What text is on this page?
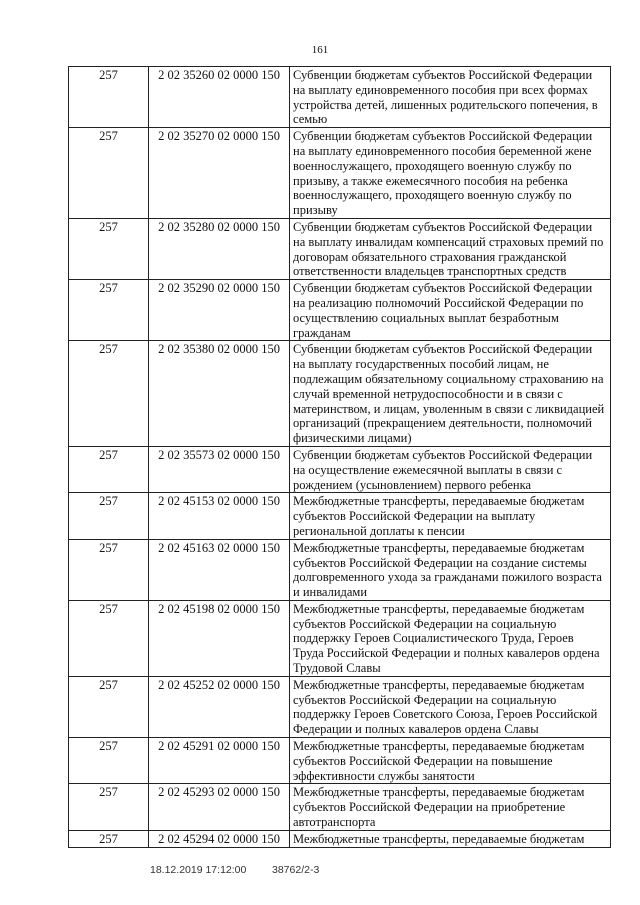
161
257	2 02 35260 02 0000 150	Субвенции бюджетам субъектов Российской Федерации на выплату единовременного пособия при всех формах устройства детей, лишенных родительского попечения, в семью
257	2 02 35270 02 0000 150	Субвенции бюджетам субъектов Российской Федерации на выплату единовременного пособия беременной жене военнослужащего, проходящего военную службу по призыву, а также ежемесячного пособия на ребенка военнослужащего, проходящего военную службу по призыву
257	2 02 35280 02 0000 150	Субвенции бюджетам субъектов Российской Федерации на выплату инвалидам компенсаций страховых премий по договорам обязательного страхования гражданской ответственности владельцев транспортных средств
257	2 02 35290 02 0000 150	Субвенции бюджетам субъектов Российской Федерации на реализацию полномочий Российской Федерации по осуществлению социальных выплат безработным гражданам
257	2 02 35380 02 0000 150	Субвенции бюджетам субъектов Российской Федерации на выплату государственных пособий лицам, не подлежащим обязательному социальному страхованию на случай временной нетрудоспособности и в связи с материнством, и лицам, уволенным в связи с ликвидацией организаций (прекращением деятельности, полномочий физическими лицами)
257	2 02 35573 02 0000 150	Субвенции бюджетам субъектов Российской Федерации на осуществление ежемесячной выплаты в связи с рождением (усыновлением) первого ребенка
257	2 02 45153 02 0000 150	Межбюджетные трансферты, передаваемые бюджетам субъектов Российской Федерации на выплату региональной доплаты к пенсии
257	2 02 45163 02 0000 150	Межбюджетные трансферты, передаваемые бюджетам субъектов Российской Федерации на создание системы долговременного ухода за гражданами пожилого возраста и инвалидами
257	2 02 45198 02 0000 150	Межбюджетные трансферты, передаваемые бюджетам субъектов Российской Федерации на социальную поддержку Героев Социалистического Труда, Героев Труда Российской Федерации и полных кавалеров ордена Трудовой Славы
257	2 02 45252 02 0000 150	Межбюджетные трансферты, передаваемые бюджетам субъектов Российской Федерации на социальную поддержку Героев Советского Союза, Героев Российской Федерации и полных кавалеров ордена Славы
257	2 02 45291 02 0000 150	Межбюджетные трансферты, передаваемые бюджетам субъектов Российской Федерации на повышение эффективности службы занятости
257	2 02 45293 02 0000 150	Межбюджетные трансферты, передаваемые бюджетам субъектов Российской Федерации на приобретение автотранспорта
257	2 02 45294 02 0000 150	Межбюджетные трансферты, передаваемые бюджетам
18.12.2019 17:12:00 38762/2-3
